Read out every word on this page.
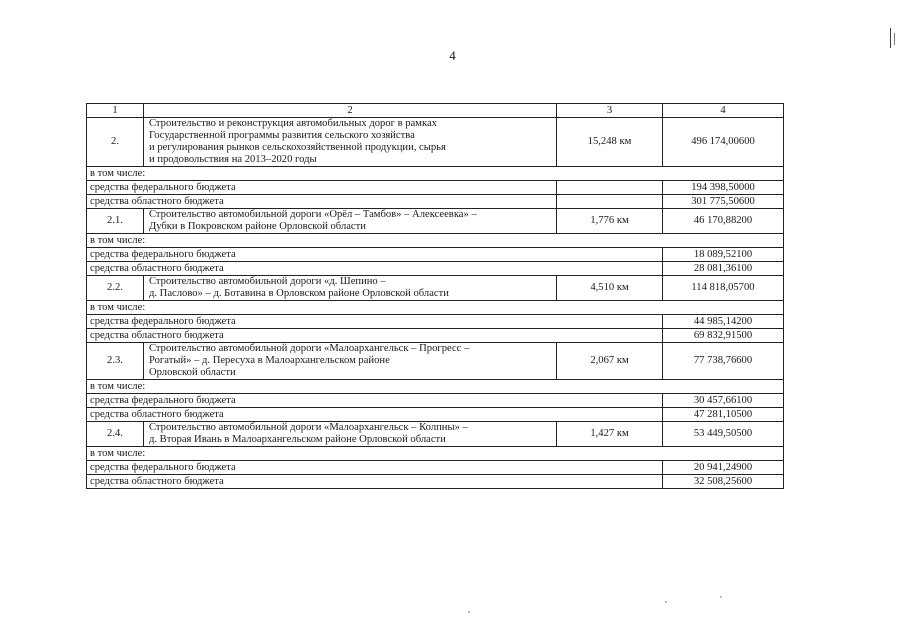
4
1	2	3	4
2.	Строительство и реконструкция автомобильных дорог в рамках
Государственной программы развития сельского хозяйства
и регулирования рынков сельскохозяйственной продукции, сырья
и продовольствия на 2013–2020 годы	15,248 км	496 174,00600
в том числе:			
средства федерального бюджета			194 398,50000
средства областного бюджета			301 775,50600
2.1.	Строительство автомобильной дороги «Орёл – Тамбов» – Алексеевка» –
Дубки в Покровском районе Орловской области	1,776 км	46 170,88200
в том числе:			
средства федерального бюджета			18 089,52100
средства областного бюджета			28 081,36100
2.2.	Строительство автомобильной дороги «д. Шепино –
д. Паслово» – д. Ботавина в Орловском районе Орловской области	4,510 км	114 818,05700
в том числе:			
средства федерального бюджета			44 985,14200
средства областного бюджета			69 832,91500
2.3.	Строительство автомобильной дороги «Малоархангельск – Прогресс –
Рогатый» – д. Пересуха в Малоархангельском районе
Орловской области	2,067 км	77 738,76600
в том числе:			
средства федерального бюджета			30 457,66100
средства областного бюджета			47 281,10500
2.4.	Строительство автомобильной дороги «Малоархангельск – Колпны» –
д. Вторая Ивань в Малоархангельском районе Орловской области	1,427 км	53 449,50500
в том числе:			
средства федерального бюджета			20 941,24900
средства областного бюджета			32 508,25600
